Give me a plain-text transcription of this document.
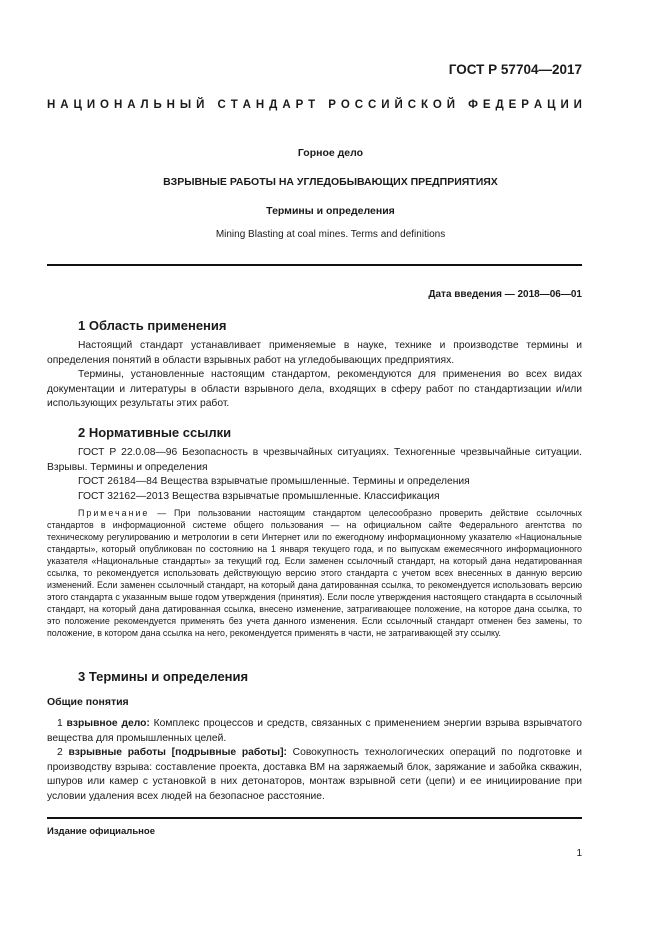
ГОСТ Р 57704—2017
Н А Ц И О Н А Л Ь Н Ы Й
С Т А Н Д А Р Т
Р О С С И Й С К О Й
Ф Е Д Е Р А Ц И И
Горное дело
ВЗРЫВНЫЕ РАБОТЫ НА УГЛЕДОБЫВАЮЩИХ ПРЕДПРИЯТИЯХ
Термины и определения
Mining Blasting at coal mines. Terms and definitions
Дата введения — 2018—06—01
1 Область применения

Настоящий стандарт устанавливает применяемые в науке, технике и производстве термины и определения понятий в области взрывных работ на угледобывающих предприятиях.

Термины, установленные настоящим стандартом, рекомендуются для применения во всех видах документации и литературы в области взрывного дела, входящих в сферу работ по стандартизации и/или использующих результаты этих работ.

2 Нормативные ссылки
ГОСТ Р 22.0.08—96 Безопасность в чрезвычайных ситуациях. Техногенные чрезвычайные ситуации. Взрывы. Термины и определения
ГОСТ 26184—84 Вещества взрывчатые промышленные. Термины и определения
ГОСТ 32162—2013 Вещества взрывчатые промышленные. Классификация

Примечание — При пользовании настоящим стандартом целесообразно проверить действие ссылочных стандартов в информационной системе общего пользования — на официальном сайте Федерального агентства по техническому регулированию и метрологии в сети Интернет или по ежегодному информационному указателю «Национальные стандарты», который опубликован по состоянию на 1 января текущего года, и по выпускам ежемесячного информационного указателя «Национальные стандарты» за текущий год. Если заменен ссылочный стандарт, на который дана недатированная ссылка, то рекомендуется использовать действующую версию этого стандарта с учетом всех внесенных в данную версию изменений. Если заменен ссылочный стандарт, на который дана датированная ссылка, то рекомендуется использовать версию этого стандарта с указанным выше годом утверждения (принятия). Если после утверждения настоящего стандарта в ссылочный стандарт, на который дана датированная ссылка, внесено изменение, затрагивающее положение, на которое дана ссылка, то это положение рекомендуется применять без учета данного изменения. Если ссылочный стандарт отменен без замены, то положение, в котором дана ссылка на него, рекомендуется применять в части, не затрагивающей эту ссылку.

3 Термины и определения
Общие понятия

1 взрывное дело: Комплекс процессов и средств, связанных с применением энергии взрыва взрывчатого вещества для промышленных целей.

2 взрывные работы [подрывные работы]: Совокупность технологических операций по подготовке и производству взрыва: составление проекта, доставка ВМ на заряжаемый блок, заряжание и забойка скважин, шпуров или камер с установкой в них детонаторов, монтаж взрывной сети (цепи) и ее инициирование при условии удаления всех людей на безопасное расстояние.

Издание официальное
1
